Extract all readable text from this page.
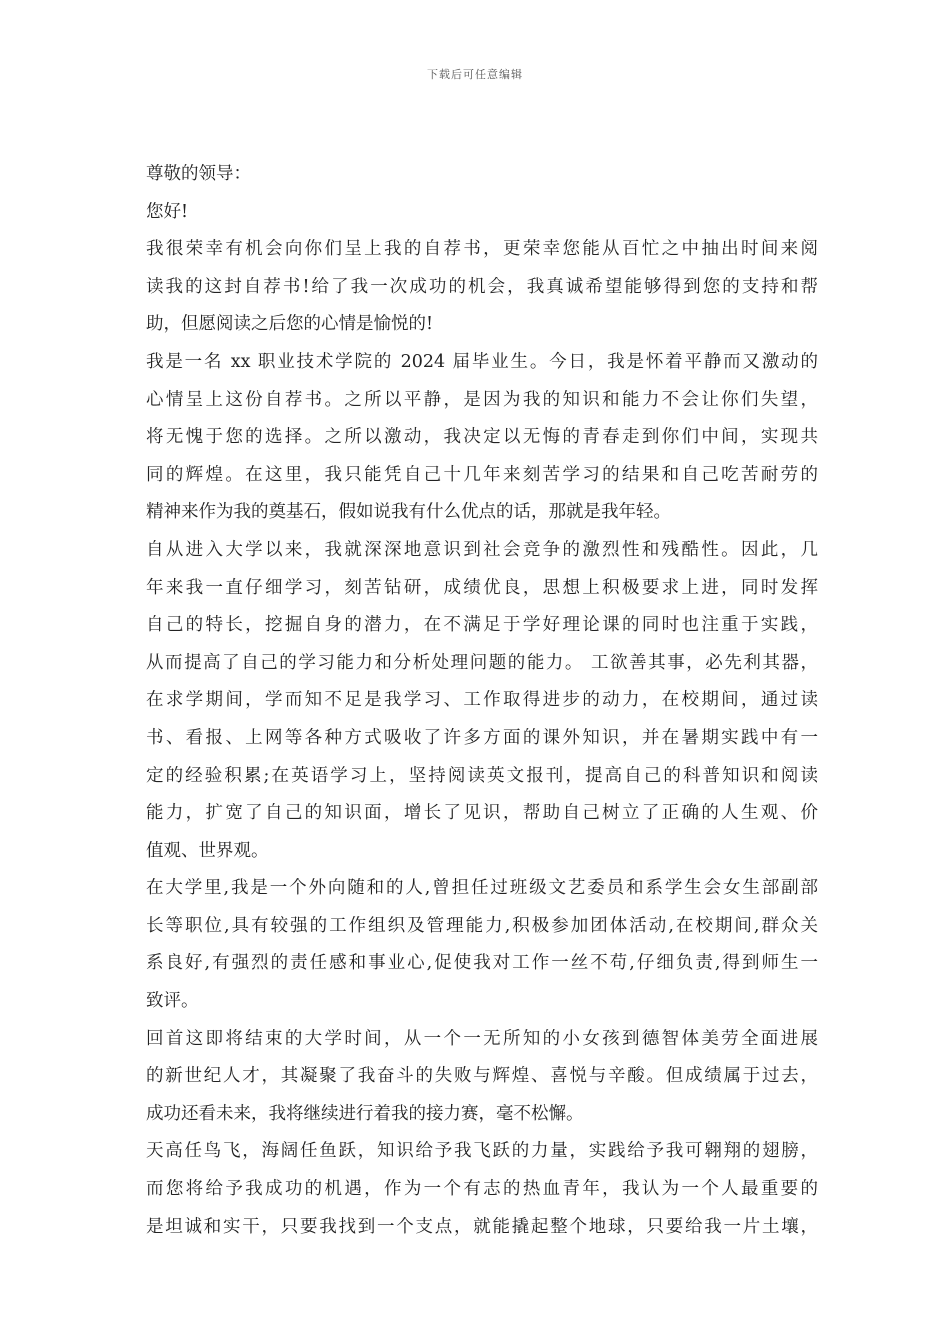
下载后可任意编辑
尊敬的领导：
您好!
我很荣幸有机会向你们呈上我的自荐书，更荣幸您能从百忙之中抽出时间来阅
读我的这封自荐书!给了我一次成功的机会，我真诚希望能够得到您的支持和帮
助，但愿阅读之后您的心情是愉悦的!
我是一名 xx 职业技术学院的 2024 届毕业生。今日，我是怀着平静而又激动的
心情呈上这份自荐书。之所以平静，是因为我的知识和能力不会让你们失望，
将无愧于您的选择。之所以激动，我决定以无悔的青春走到你们中间，实现共
同的辉煌。在这里，我只能凭自己十几年来刻苦学习的结果和自己吃苦耐劳的
精神来作为我的奠基石，假如说我有什么优点的话，那就是我年轻。
自从进入大学以来，我就深深地意识到社会竞争的激烈性和残酷性。因此，几
年来我一直仔细学习，刻苦钻研，成绩优良，思想上积极要求上进，同时发挥
自己的特长，挖掘自身的潜力，在不满足于学好理论课的同时也注重于实践，
从而提高了自己的学习能力和分析处理问题的能力。 工欲善其事，必先利其器，
在求学期间，学而知不足是我学习、工作取得进步的动力，在校期间，通过读
书、看报、上网等各种方式吸收了许多方面的课外知识，并在暑期实践中有一
定的经验积累;在英语学习上，坚持阅读英文报刊，提高自己的科普知识和阅读
能力，扩宽了自己的知识面，增长了见识，帮助自己树立了正确的人生观、价
值观、世界观。
在大学里,我是一个外向随和的人,曾担任过班级文艺委员和系学生会女生部副部
长等职位,具有较强的工作组织及管理能力,积极参加团体活动,在校期间,群众关
系良好,有强烈的责任感和事业心,促使我对工作一丝不苟,仔细负责,得到师生一
致评。
回首这即将结束的大学时间，从一个一无所知的小女孩到德智体美劳全面进展
的新世纪人才，其凝聚了我奋斗的失败与辉煌、喜悦与辛酸。但成绩属于过去，
成功还看未来，我将继续进行着我的接力赛，毫不松懈。
天高任鸟飞，海阔任鱼跃，知识给予我飞跃的力量，实践给予我可翱翔的翅膀，
而您将给予我成功的机遇，作为一个有志的热血青年，我认为一个人最重要的
是坦诚和实干，只要我找到一个支点，就能撬起整个地球，只要给我一片土壤，
